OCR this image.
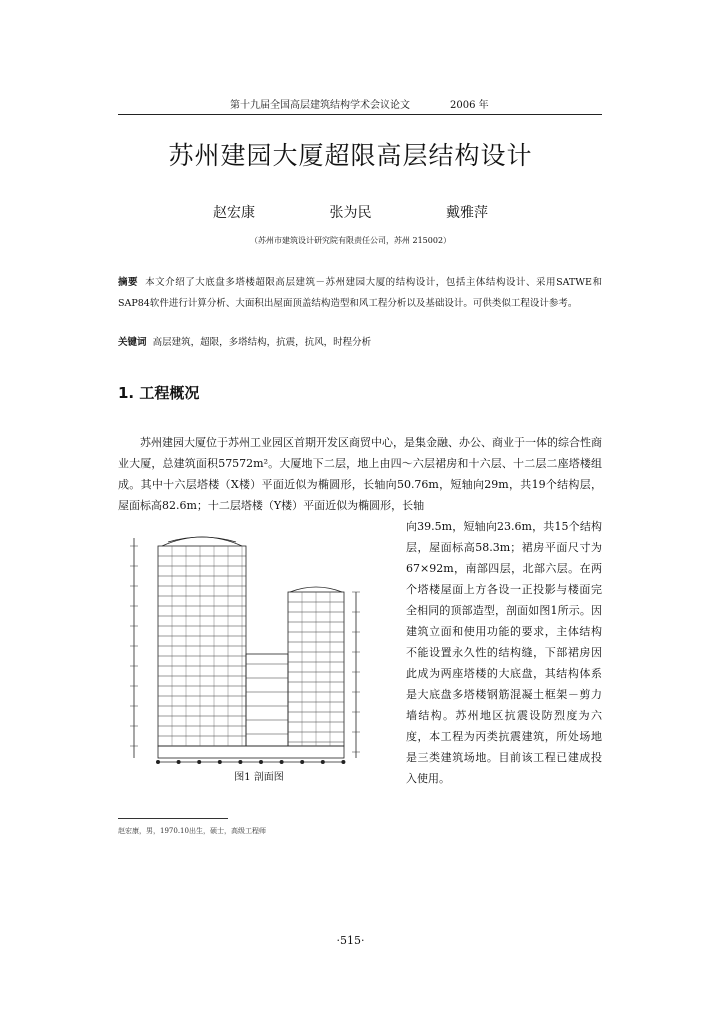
第十九届全国高层建筑结构学术会议论文	2006 年
苏州建园大厦超限高层结构设计
赵宏康	张为民	戴雅萍
（苏州市建筑设计研究院有限责任公司，苏州 215002）
摘要 本文介绍了大底盘多塔楼超限高层建筑－苏州建园大厦的结构设计，包括主体结构设计、采用SATWE和SAP84软件进行计算分析、大面积出屋面顶盖结构造型和风工程分析以及基础设计。可供类似工程设计参考。
关键词 高层建筑，超限，多塔结构，抗震，抗风，时程分析
1. 工程概况
苏州建园大厦位于苏州工业园区首期开发区商贸中心，是集金融、办公、商业于一体的综合性商业大厦，总建筑面积57572m²。大厦地下二层，地上由四～六层裙房和十六层、十二层二座塔楼组成。其中十六层塔楼（X楼）平面近似为椭圆形，长轴向50.76m，短轴向29m，共19个结构层，屋面标高82.6m；十二层塔楼（Y楼）平面近似为椭圆形，长轴
图1 剖面图
向39.5m，短轴向23.6m，共15个结构层，屋面标高58.3m；裙房平面尺寸为67×92m，南部四层，北部六层。在两个塔楼屋面上方各设一正投影与楼面完全相同的顶部造型，剖面如图1所示。因建筑立面和使用功能的要求，主体结构不能设置永久性的结构缝，下部裙房因此成为两座塔楼的大底盘，其结构体系是大底盘多塔楼钢筋混凝土框架－剪力墙结构。苏州地区抗震设防烈度为六度，本工程为丙类抗震建筑，所处场地是三类建筑场地。目前该工程已建成投入使用。
赵宏康，男，1970.10出生，硕士，高级工程师
·515·
